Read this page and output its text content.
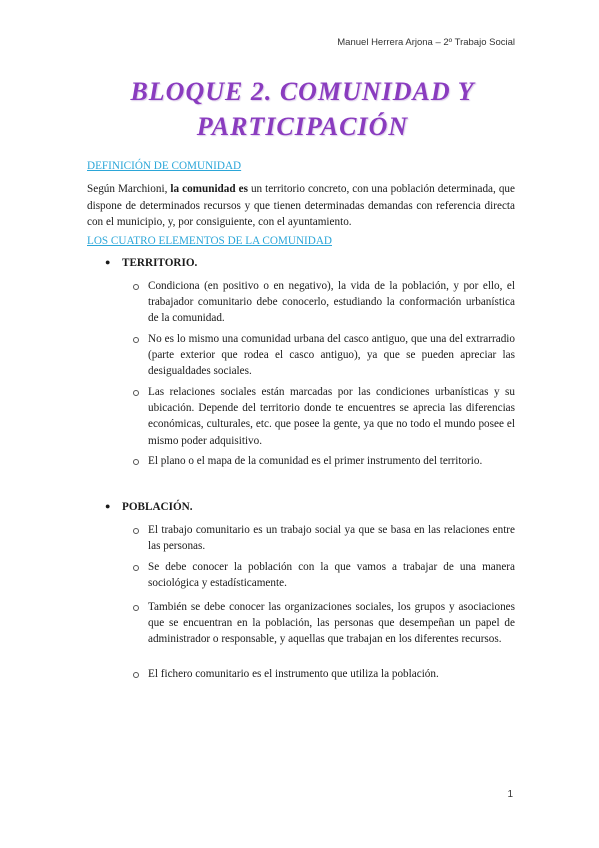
Manuel Herrera Arjona – 2º Trabajo Social
BLOQUE 2. COMUNIDAD Y
PARTICIPACIÓN
DEFINICIÓN DE COMUNIDAD
Según Marchioni, la comunidad es un territorio concreto, con una población determinada, que dispone de determinados recursos y que tienen determinadas demandas con referencia directa con el municipio, y, por consiguiente, con el ayuntamiento.
LOS CUATRO ELEMENTOS DE LA COMUNIDAD
● TERRITORIO.
Condiciona (en positivo o en negativo), la vida de la población, y por ello, el trabajador comunitario debe conocerlo, estudiando la conformación urbanística de la comunidad.
No es lo mismo una comunidad urbana del casco antiguo, que una del extrarradio (parte exterior que rodea el casco antiguo), ya que se pueden apreciar las desigualdades sociales.
Las relaciones sociales están marcadas por las condiciones urbanísticas y su ubicación. Depende del territorio donde te encuentres se aprecia las diferencias económicas, culturales, etc. que posee la gente, ya que no todo el mundo posee el mismo poder adquisitivo.
El plano o el mapa de la comunidad es el primer instrumento del territorio.
● POBLACIÓN.
El trabajo comunitario es un trabajo social ya que se basa en las relaciones entre las personas.
Se debe conocer la población con la que vamos a trabajar de una manera sociológica y estadísticamente.
También se debe conocer las organizaciones sociales, los grupos y asociaciones que se encuentran en la población, las personas que desempeñan un papel de administrador o responsable, y aquellas que trabajan en los diferentes recursos.
El fichero comunitario es el instrumento que utiliza la población.
1
